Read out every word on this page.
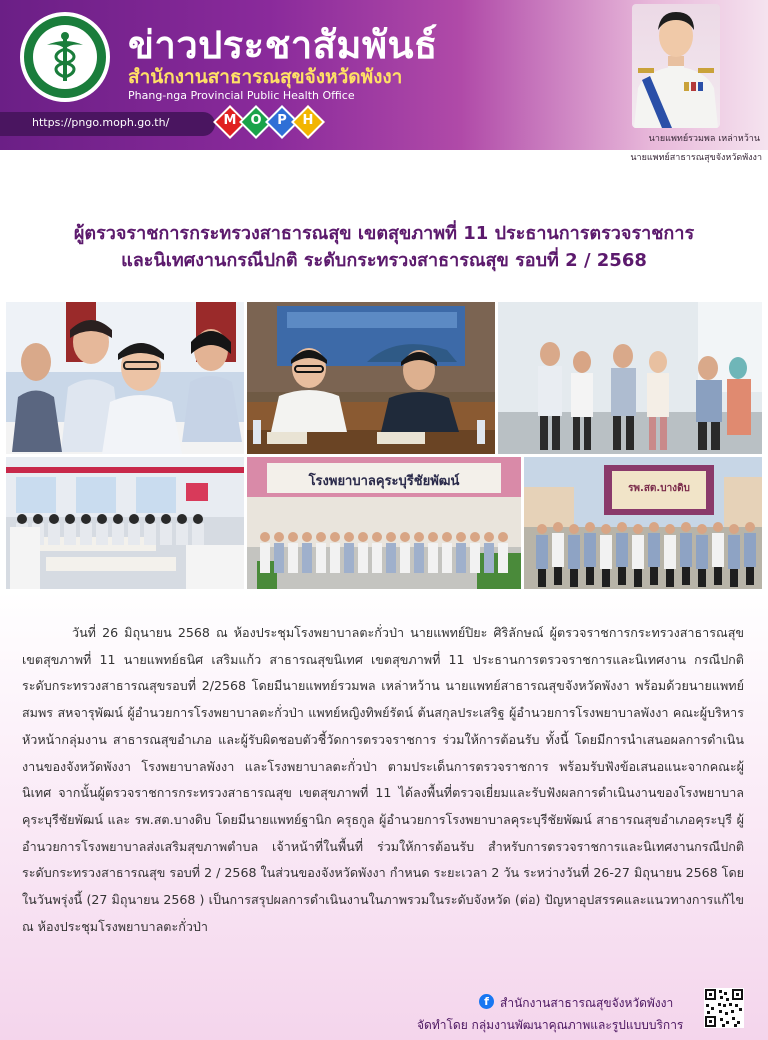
ข่าวประชาสัมพันธ์
สำนักงานสาธารณสุขจังหวัดพังงา
Phang-nga Provincial Public Health Office
https://pngo.moph.go.th/	M	O	P	H
นายแพทย์รวมพล เหล่าหว้าน
นายแพทย์สาธารณสุขจังหวัดพังงา
ผู้ตรวจราชการกระทรวงสาธารณสุข เขตสุขภาพที่ 11 ประธานการตรวจราชการ
และนิเทศงานกรณีปกติ ระดับกระทรวงสาธารณสุข รอบที่ 2 / 2568
โรงพยาบาลคุระบุรีชัยพัฒน์	รพ.สต.บางดิบ
วันที่ 26 มิถุนายน 2568 ณ ห้องประชุมโรงพยาบาลตะกั่วป่า นายแพทย์ปิยะ ศิริลักษณ์ ผู้ตรวจราชการกระทรวงสาธารณสุข เขตสุขภาพที่ 11 นายแพทย์ธนิศ เสริมแก้ว สาธารณสุขนิเทศ เขตสุขภาพที่ 11 ประธานการตรวจราชการและนิเทศงาน กรณีปกติ ระดับกระทรวงสาธารณสุขรอบที่ 2/2568 โดยมีนายแพทย์รวมพล เหล่าหว้าน นายแพทย์สาธารณสุขจังหวัดพังงา พร้อมด้วยนายแพทย์สมพร สหจารุพัฒน์ ผู้อำนวยการโรงพยาบาลตะกั่วป่า แพทย์หญิงทิพย์รัตน์ ต้นสกุลประเสริฐ ผู้อำนวยการโรงพยาบาลพังงา คณะผู้บริหาร หัวหน้ากลุ่มงาน สาธารณสุขอำเภอ และผู้รับผิดชอบตัวชี้วัดการตรวจราชการ ร่วมให้การต้อนรับ ทั้งนี้ โดยมีการนำเสนอผลการดำเนินงานของจังหวัดพังงา โรงพยาบาลพังงา และโรงพยาบาลตะกั่วป่า ตามประเด็นการตรวจราชการ พร้อมรับฟังข้อเสนอแนะจากคณะผู้นิเทศ จากนั้นผู้ตรวจราชการกระทรวงสาธารณสุข เขตสุขภาพที่ 11 ได้ลงพื้นที่ตรวจเยี่ยมและรับฟังผลการดำเนินงานของโรงพยาบาลคุระบุรีชัยพัฒน์ และ รพ.สต.บางดิบ โดยมีนายแพทย์ฐานิก ครุธกูล ผู้อำนวยการโรงพยาบาลคุระบุรีชัยพัฒน์ สาธารณสุขอำเภอคุระบุรี ผู้อำนวยการโรงพยาบาลส่งเสริมสุขภาพตำบล เจ้าหน้าที่ในพื้นที่ ร่วมให้การต้อนรับ สำหรับการตรวจราชการและนิเทศงานกรณีปกติ ระดับกระทรวงสาธารณสุข รอบที่ 2 / 2568 ในส่วนของจังหวัดพังงา กำหนด ระยะเวลา 2 วัน ระหว่างวันที่ 26-27 มิถุนายน 2568 โดยในวันพรุ่งนี้ (27 มิถุนายน 2568 ) เป็นการสรุปผลการดำเนินงานในภาพรวมในระดับจังหวัด (ต่อ) ปัญหาอุปสรรคและแนวทางการแก้ไข ณ ห้องประชุมโรงพยาบาลตะกั่วป่า
f สำนักงานสาธารณสุขจังหวัดพังงา
จัดทำโดย กลุ่มงานพัฒนาคุณภาพและรูปแบบบริการ
